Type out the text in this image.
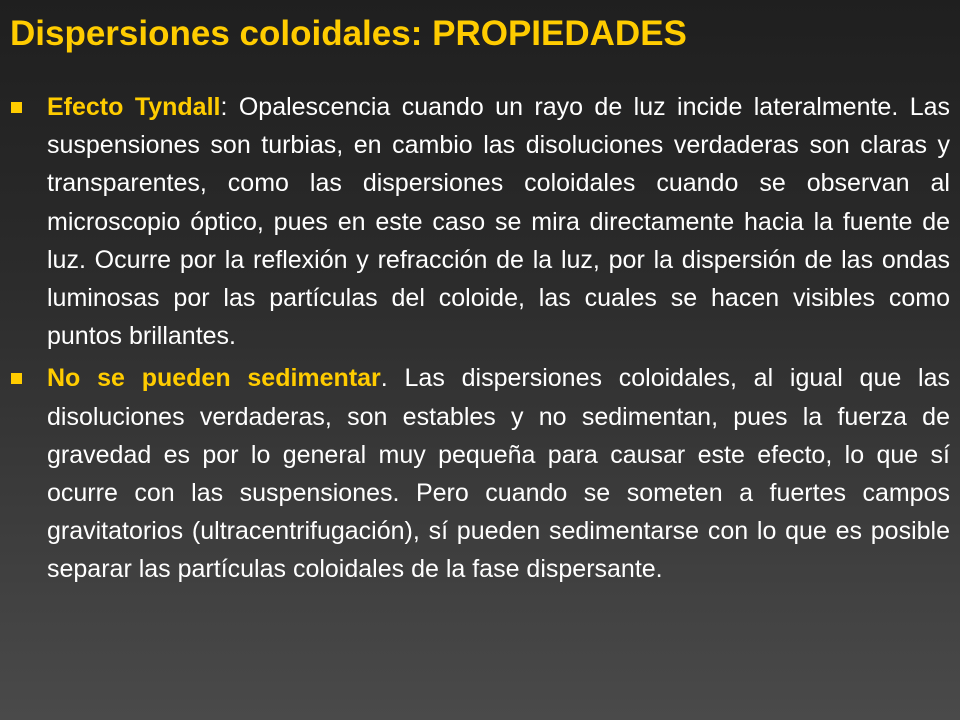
Dispersiones coloidales: PROPIEDADES
Efecto Tyndall: Opalescencia cuando un rayo de luz incide lateralmente. Las suspensiones son turbias, en cambio las disoluciones verdaderas son claras y transparentes, como las dispersiones coloidales cuando se observan al microscopio óptico, pues en este caso se mira directamente hacia la fuente de luz. Ocurre por la reflexión y refracción de la luz, por la dispersión de las ondas luminosas por las partículas del coloide, las cuales se hacen visibles como puntos brillantes.
No se pueden sedimentar. Las dispersiones coloidales, al igual que las disoluciones verdaderas, son estables y no sedimentan, pues la fuerza de gravedad es por lo general muy pequeña para causar este efecto, lo que sí ocurre con las suspensiones. Pero cuando se someten a fuertes campos gravitatorios (ultracentrifugación), sí pueden sedimentarse con lo que es posible separar las partículas coloidales de la fase dispersante.
